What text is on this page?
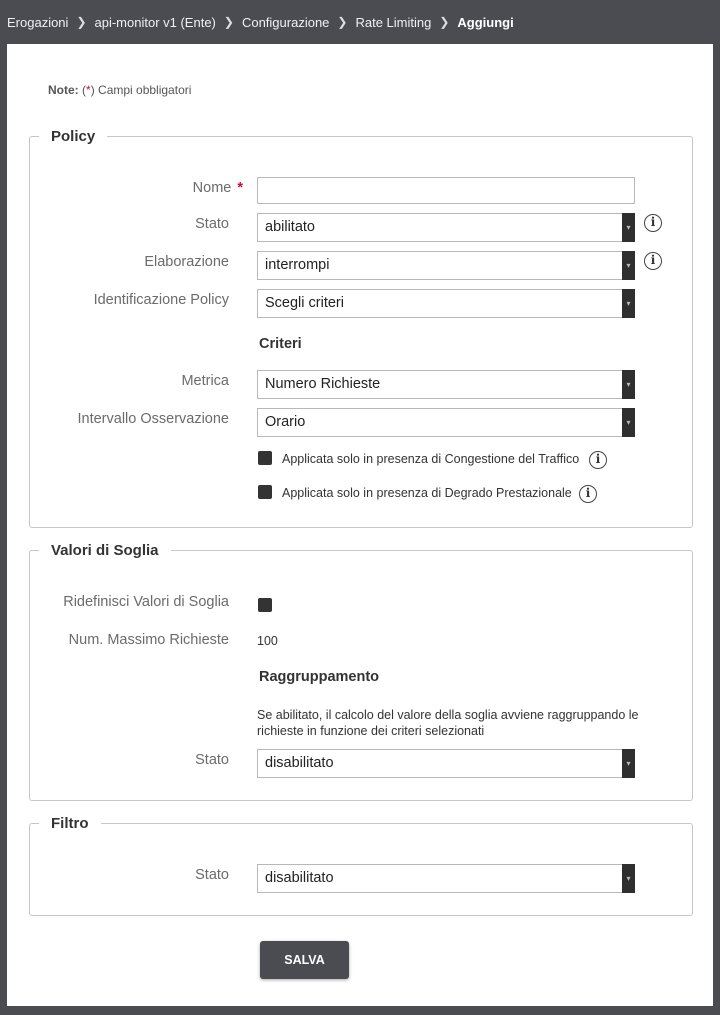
Erogazioni ❯ api-monitor v1 (Ente) ❯ Configurazione ❯ Rate Limiting ❯ Aggiungi
Note: (*) Campi obbligatori
Policy
Nome *
Stato	abilitato	▾	i
Elaborazione	interrompi	▾	i
Identificazione Policy	Scegli criteri	▾
Criteri
Metrica	Numero Richieste	▾
Intervallo Osservazione	Orario	▾
Applicata solo in presenza di Congestione del Traffico	i
Applicata solo in presenza di Degrado Prestazionale	i
Valori di Soglia
Ridefinisci Valori di Soglia
Num. Massimo Richieste 100
Raggruppamento
Se abilitato, il calcolo del valore della soglia avviene raggruppando le richieste in funzione dei criteri selezionati
Stato	disabilitato	▾
Filtro
Stato	disabilitato	▾
SALVA
